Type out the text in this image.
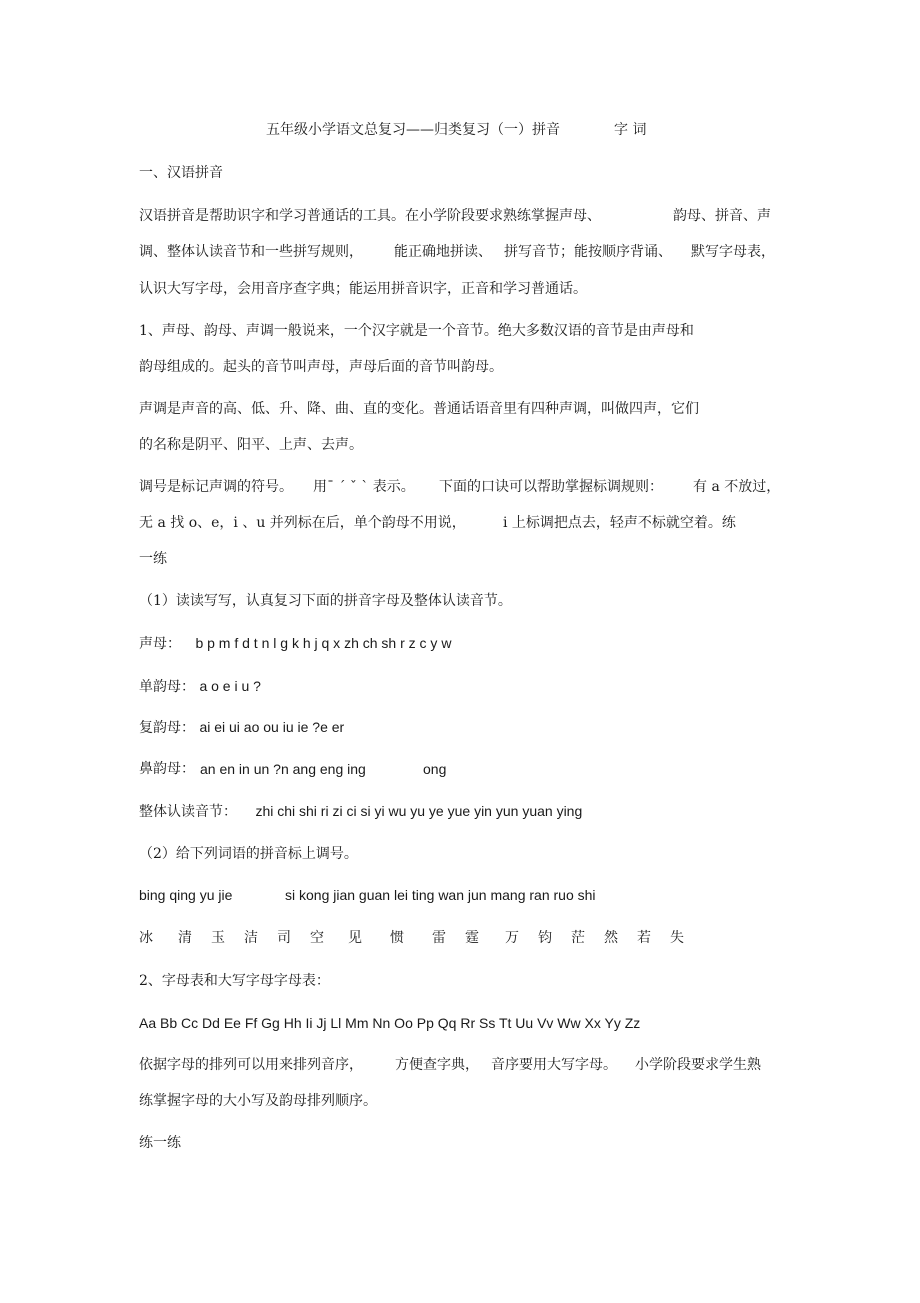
五年级小学语文总复习——归类复习（一）拼音	字 词
一、汉语拼音
汉语拼音是帮助识字和学习普通话的工具。在小学阶段要求熟练掌握声母、	韵母、拼音、声
调、整体认读音节和一些拼写规则， 能正确地拼读、 拼写音节；能按顺序背诵、 默写字母表，
认识大写字母，会用音序查字典；能运用拼音识字，正音和学习普通话。
1、声母、韵母、声调一般说来，一个汉字就是一个音节。绝大多数汉语的音节是由声母和
韵母组成的。起头的音节叫声母，声母后面的音节叫韵母。
声调是声音的高、低、升、降、曲、直的变化。普通话语音里有四种声调，叫做四声，它们
的名称是阴平、阳平、上声、去声。
调号是标记声调的符号。 用ˉ ˊ ˇ ˋ 表示。 下面的口诀可以帮助掌握标调规则： 有 a 不放过，
无 a 找 o、e，i 、u 并列标在后，单个韵母不用说，	i 上标调把点去，轻声不标就空着。练
一练
（1）读读写写，认真复习下面的拼音字母及整体认读音节。
声母： b p m f d t n l g k h j q x zh ch sh r z c y w
单韵母： a o e i u ?
复韵母： ai ei ui ao ou iu ie ?e er
鼻韵母： an en in un ?n ang eng ing	ong
整体认读音节： zhi chi shi ri zi ci si yi wu yu ye yue yin yun yuan ying
（2）给下列词语的拼音标上调号。
bing qing yu jie	si kong jian guan lei ting wan jun mang ran ruo shi
冰 清 玉 洁 司 空 见 惯 雷 霆 万 钧 茫 然 若 失
2、字母表和大写字母字母表：
Aa Bb Cc Dd Ee Ff Gg Hh Ii Jj Ll Mm Nn Oo Pp Qq Rr Ss Tt Uu Vv Ww Xx Yy Zz
依据字母的排列可以用来排列音序， 方便查字典， 音序要用大写字母。 小学阶段要求学生熟
练掌握字母的大小写及韵母排列顺序。
练一练
